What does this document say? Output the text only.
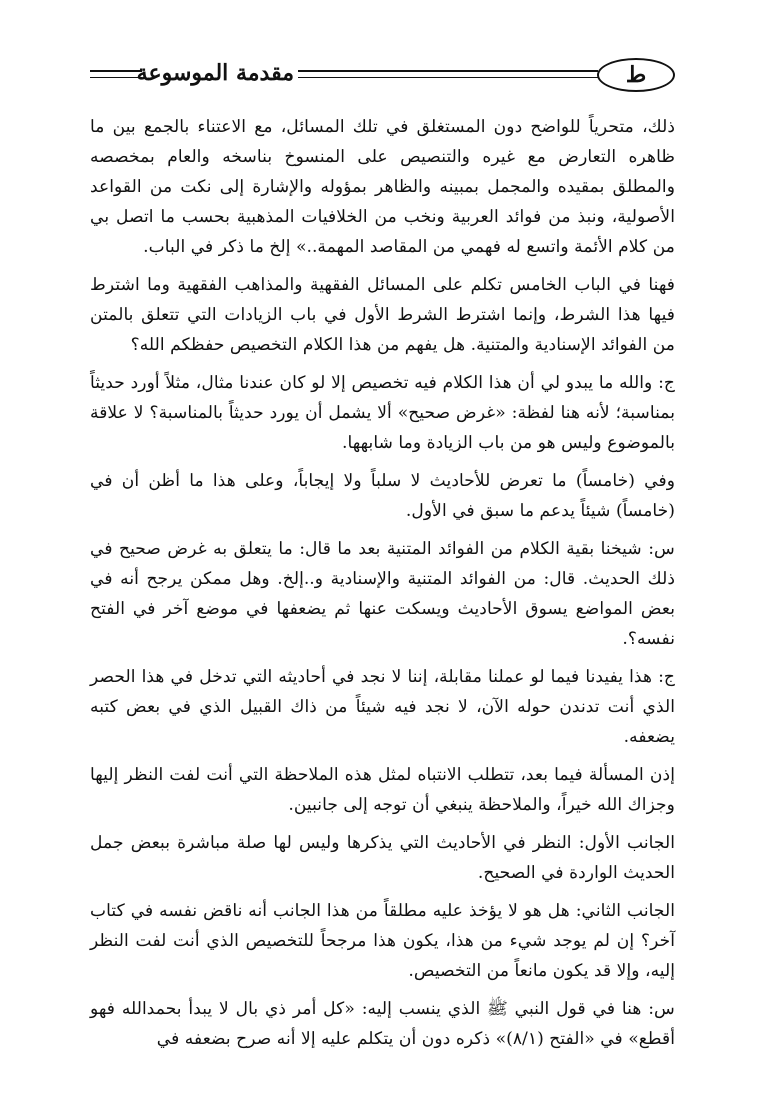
مقدمة الموسوعة	ط

ذلك، متحرياً للواضح دون المستغلق في تلك المسائل، مع الاعتناء بالجمع بين ما ظاهره التعارض مع غيره والتنصيص على المنسوخ بناسخه والعام بمخصصه والمطلق بمقيده والمجمل بمبينه والظاهر بمؤوله والإشارة إلى نكت من القواعد الأصولية، ونبذ من فوائد العربية ونخب من الخلافيات المذهبية بحسب ما اتصل بي من كلام الأئمة واتسع له فهمي من المقاصد المهمة..» إلخ ما ذكر في الباب.

فهنا في الباب الخامس تكلم على المسائل الفقهية والمذاهب الفقهية وما اشترط فيها هذا الشرط، وإنما اشترط الشرط الأول في باب الزيادات التي تتعلق بالمتن من الفوائد الإسنادية والمتنية. هل يفهم من هذا الكلام التخصيص حفظكم الله؟

ج: والله ما يبدو لي أن هذا الكلام فيه تخصيص إلا لو كان عندنا مثال، مثلاً أورد حديثاً بمناسبة؛ لأنه هنا لفظة: «غرض صحيح» ألا يشمل أن يورد حديثاً بالمناسبة؟ لا علاقة بالموضوع وليس هو من باب الزيادة وما شابهها.

وفي (خامساً) ما تعرض للأحاديث لا سلباً ولا إيجاباً، وعلى هذا ما أظن أن في (خامساً) شيئاً يدعم ما سبق في الأول.

س: شيخنا بقية الكلام من الفوائد المتنية بعد ما قال: ما يتعلق به غرض صحيح في ذلك الحديث. قال: من الفوائد المتنية والإسنادية و..إلخ. وهل ممكن يرجح أنه في بعض المواضع يسوق الأحاديث ويسكت عنها ثم يضعفها في موضع آخر في الفتح نفسه؟.

ج: هذا يفيدنا فيما لو عملنا مقابلة، إننا لا نجد في أحاديثه التي تدخل في هذا الحصر الذي أنت تدندن حوله الآن، لا نجد فيه شيئاً من ذاك القبيل الذي في بعض كتبه يضعفه.

إذن المسألة فيما بعد، تتطلب الانتباه لمثل هذه الملاحظة التي أنت لفت النظر إليها وجزاك الله خيراً، والملاحظة ينبغي أن توجه إلى جانبين.

الجانب الأول: النظر في الأحاديث التي يذكرها وليس لها صلة مباشرة ببعض جمل الحديث الواردة في الصحيح.

الجانب الثاني: هل هو لا يؤخذ عليه مطلقاً من هذا الجانب أنه ناقض نفسه في كتاب آخر؟ إن لم يوجد شيء من هذا، يكون هذا مرجحاً للتخصيص الذي أنت لفت النظر إليه، وإلا قد يكون مانعاً من التخصيص.

س: هنا في قول النبي ﷺ الذي ينسب إليه: «كل أمر ذي بال لا يبدأ بحمدالله فهو أقطع» في «الفتح (٨/١)» ذكره دون أن يتكلم عليه إلا أنه صرح بضعفه في
